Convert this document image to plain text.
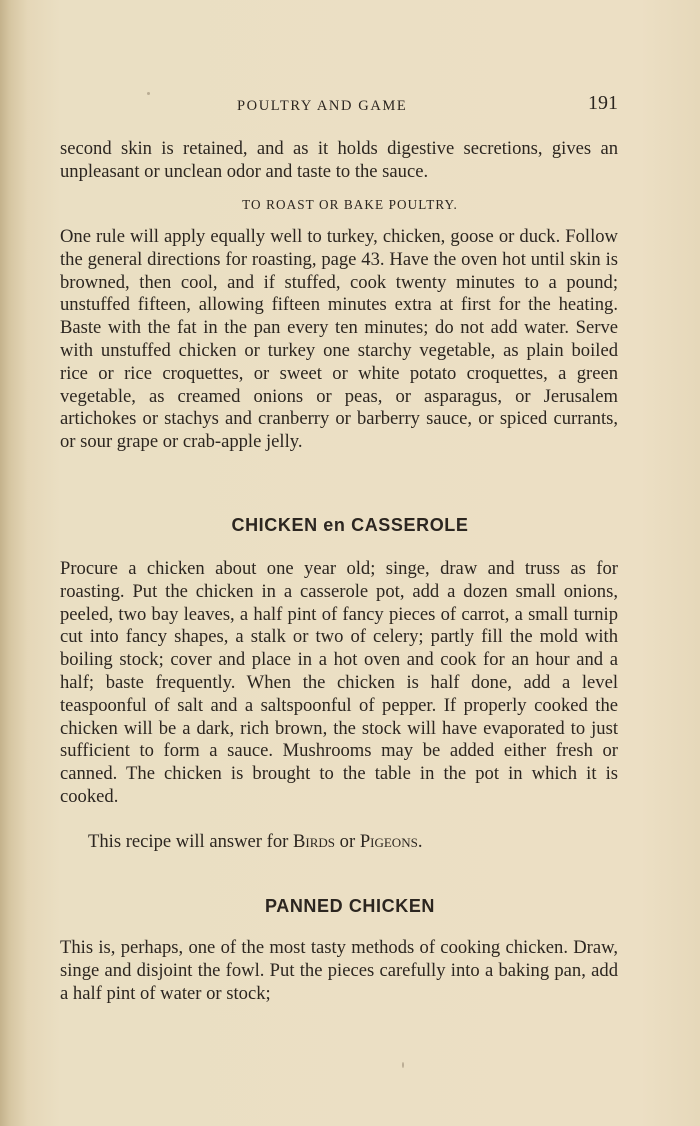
POULTRY AND GAME	191

second skin is retained, and as it holds digestive secretions, gives an unpleasant or unclean odor and taste to the sauce.

TO ROAST OR BAKE POULTRY.

One rule will apply equally well to turkey, chicken, goose or duck. Follow the general directions for roasting, page 43. Have the oven hot until skin is browned, then cool, and if stuffed, cook twenty minutes to a pound; unstuffed fifteen, allowing fifteen minutes extra at first for the heating. Baste with the fat in the pan every ten minutes; do not add water. Serve with unstuffed chicken or turkey one starchy vegetable, as plain boiled rice or rice croquettes, or sweet or white potato croquettes, a green vegetable, as creamed onions or peas, or asparagus, or Jerusalem artichokes or stachys and cranberry or barberry sauce, or spiced currants, or sour grape or crab-apple jelly.

CHICKEN en CASSEROLE

Procure a chicken about one year old; singe, draw and truss as for roasting. Put the chicken in a casserole pot, add a dozen small onions, peeled, two bay leaves, a half pint of fancy pieces of carrot, a small turnip cut into fancy shapes, a stalk or two of celery; partly fill the mold with boiling stock; cover and place in a hot oven and cook for an hour and a half; baste frequently. When the chicken is half done, add a level teaspoonful of salt and a saltspoonful of pepper. If properly cooked the chicken will be a dark, rich brown, the stock will have evaporated to just sufficient to form a sauce. Mushrooms may be added either fresh or canned. The chicken is brought to the table in the pot in which it is cooked.

This recipe will answer for Birds or Pigeons.
PANNED CHICKEN

This is, perhaps, one of the most tasty methods of cooking chicken. Draw, singe and disjoint the fowl. Put the pieces carefully into a baking pan, add a half pint of water or stock;
